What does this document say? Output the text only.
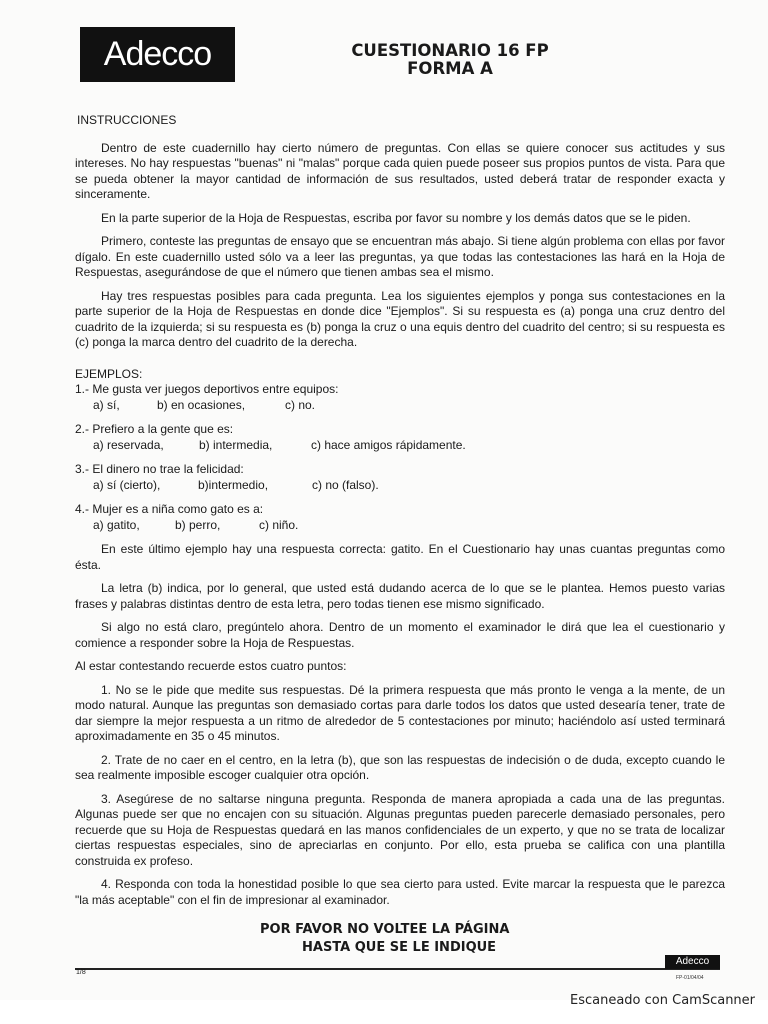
Adecco	CUESTIONARIO 16 FP
FORMA A
INSTRUCCIONES
Dentro de este cuadernillo hay cierto número de preguntas. Con ellas se quiere conocer sus actitudes y sus intereses. No hay respuestas "buenas" ni "malas" porque cada quien puede poseer sus propios puntos de vista. Para que se pueda obtener la mayor cantidad de información de sus resultados, usted deberá tratar de responder exacta y sinceramente.
En la parte superior de la Hoja de Respuestas, escriba por favor su nombre y los demás datos que se le piden.
Primero, conteste las preguntas de ensayo que se encuentran más abajo. Si tiene algún problema con ellas por favor dígalo. En este cuadernillo usted sólo va a leer las preguntas, ya que todas las contestaciones las hará en la Hoja de Respuestas, asegurándose de que el número que tienen ambas sea el mismo.
Hay tres respuestas posibles para cada pregunta. Lea los siguientes ejemplos y ponga sus contestaciones en la parte superior de la Hoja de Respuestas en donde dice "Ejemplos". Si su respuesta es (a) ponga una cruz dentro del cuadrito de la izquierda; si su respuesta es (b) ponga la cruz o una equis dentro del cuadrito del centro; si su respuesta es (c) ponga la marca dentro del cuadrito de la derecha.
EJEMPLOS:
1.- Me gusta ver juegos deportivos entre equipos:
a) sí,	b) en ocasiones,	c) no.
2.- Prefiero a la gente que es:
a) reservada,	b) intermedia,	c) hace amigos rápidamente.
3.- El dinero no trae la felicidad:
a) sí (cierto),	b)intermedio,	c) no (falso).
4.- Mujer es a niña como gato es a:
a) gatito,	b) perro,	c) niño.
En este último ejemplo hay una respuesta correcta: gatito. En el Cuestionario hay unas cuantas preguntas como ésta.
La letra (b) indica, por lo general, que usted está dudando acerca de lo que se le plantea. Hemos puesto varias frases y palabras distintas dentro de esta letra, pero todas tienen ese mismo significado.
Si algo no está claro, pregúntelo ahora. Dentro de un momento el examinador le dirá que lea el cuestionario y comience a responder sobre la Hoja de Respuestas.
Al estar contestando recuerde estos cuatro puntos:
1. No se le pide que medite sus respuestas. Dé la primera respuesta que más pronto le venga a la mente, de un modo natural. Aunque las preguntas son demasiado cortas para darle todos los datos que usted desearía tener, trate de dar siempre la mejor respuesta a un ritmo de alrededor de 5 contestaciones por minuto; haciéndolo así usted terminará aproximadamente en 35 o 45 minutos.
2. Trate de no caer en el centro, en la letra (b), que son las respuestas de indecisión o de duda, excepto cuando le sea realmente imposible escoger cualquier otra opción.
3. Asegúrese de no saltarse ninguna pregunta. Responda de manera apropiada a cada una de las preguntas. Algunas puede ser que no encajen con su situación. Algunas preguntas pueden parecerle demasiado personales, pero recuerde que su Hoja de Respuestas quedará en las manos confidenciales de un experto, y que no se trata de localizar ciertas respuestas especiales, sino de apreciarlas en conjunto. Por ello, esta prueba se califica con una plantilla construida ex profeso.
4. Responda con toda la honestidad posible lo que sea cierto para usted. Evite marcar la respuesta que le parezca "la más aceptable" con el fin de impresionar al examinador.
POR FAVOR NO VOLTEE LA PÁGINA
HASTA QUE SE LE INDIQUE
1/8
Adecco
FP-01/04/04
Escaneado con CamScanner
